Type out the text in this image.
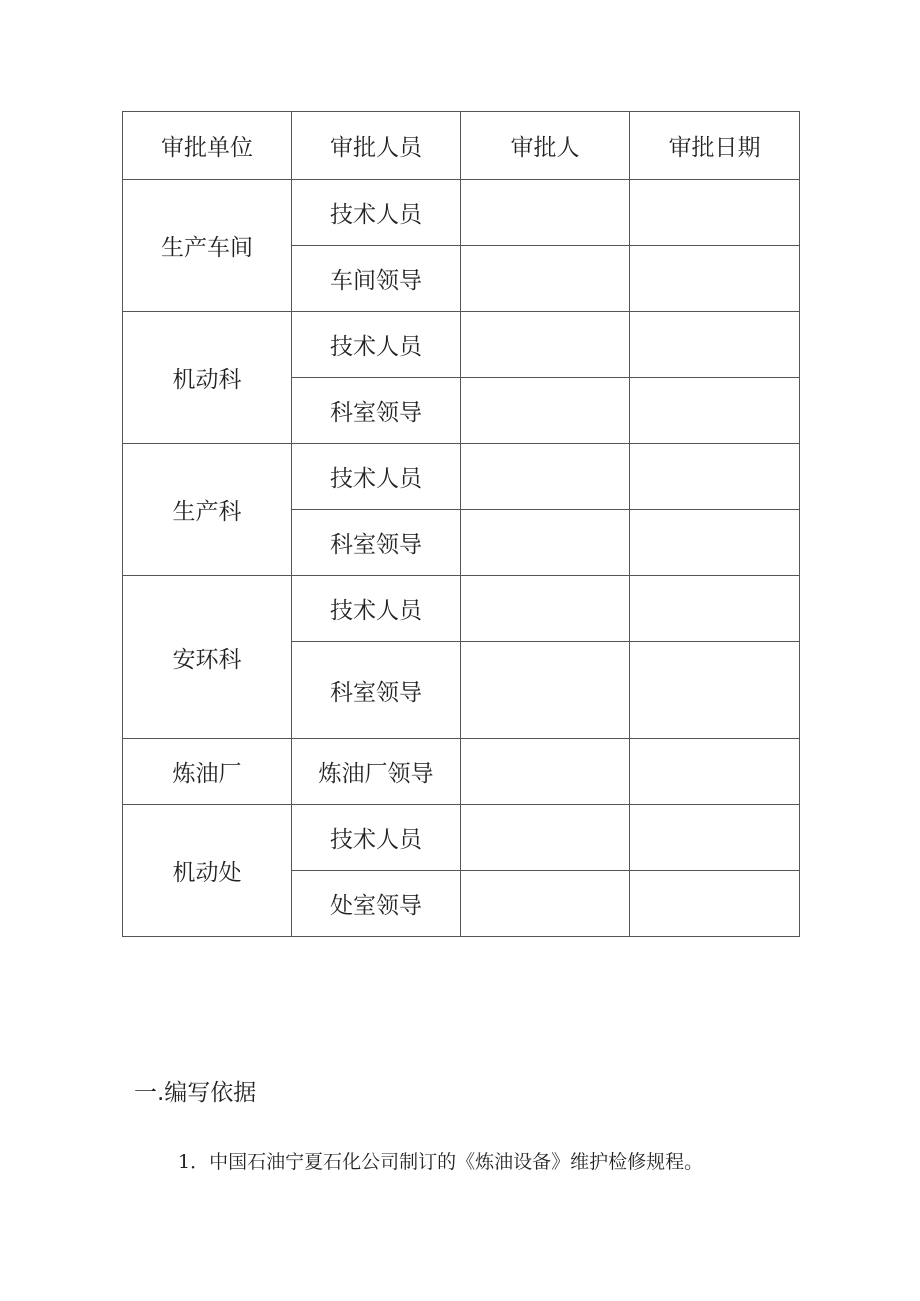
审批单位	审批人员	审批人	审批日期
生产车间	技术人员		
	车间领导		
机动科	技术人员		
	科室领导		
生产科	技术人员		
	科室领导		
安环科	技术人员		
	科室领导		
炼油厂	炼油厂领导		
机动处	技术人员		
	处室领导		
一.编写依据

1．中国石油宁夏石化公司制订的《炼油设备》维护检修规程。
